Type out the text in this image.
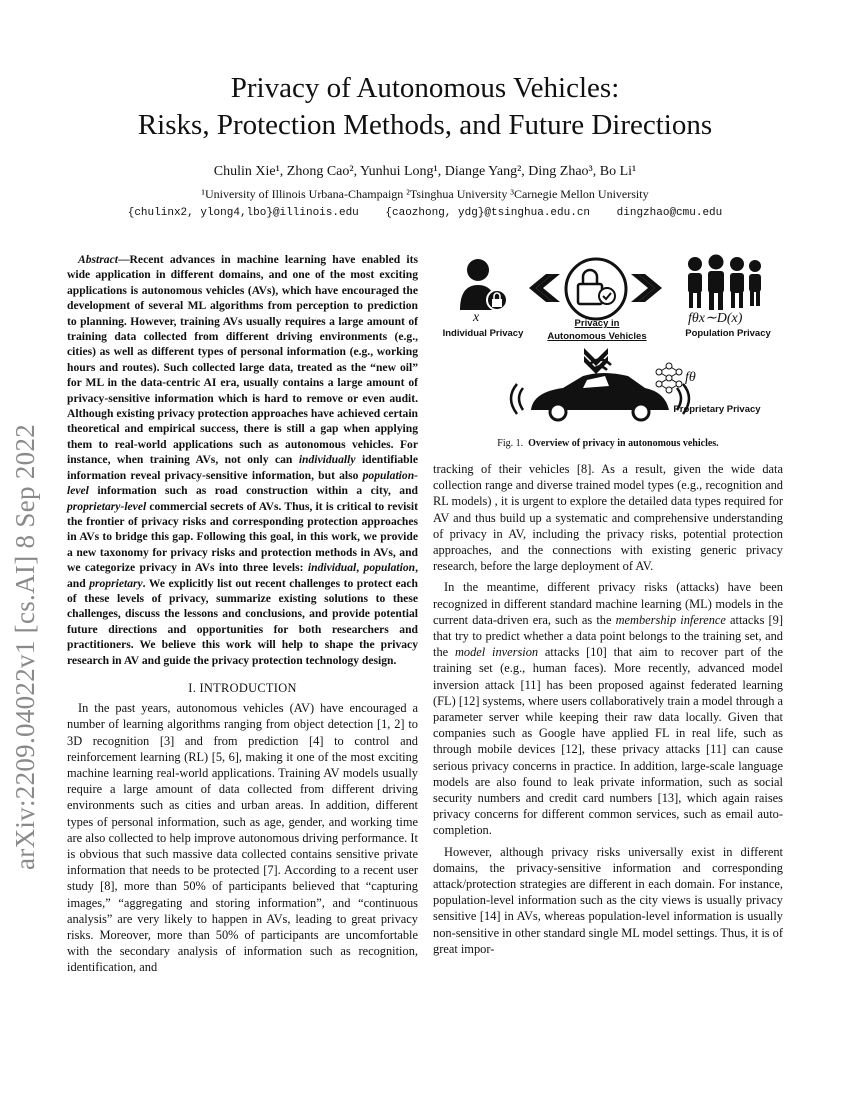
arXiv:2209.04022v1 [cs.AI] 8 Sep 2022
Privacy of Autonomous Vehicles:
Risks, Protection Methods, and Future Directions
Chulin Xie¹, Zhong Cao², Yunhui Long¹, Diange Yang², Ding Zhao³, Bo Li¹
¹University of Illinois Urbana-Champaign ²Tsinghua University ³Carnegie Mellon University
{chulinx2, ylong4,lbo}@illinois.edu {caozhong, ydg}@tsinghua.edu.cn dingzhao@cmu.edu

Abstract—Recent advances in machine learning have enabled its wide application in different domains, and one of the most exciting applications is autonomous vehicles (AVs), which have encouraged the development of several ML algorithms from perception to prediction to planning. However, training AVs usually requires a large amount of training data collected from different driving environments (e.g., cities) as well as different types of personal information (e.g., working hours and routes). Such collected large data, treated as the “new oil” for ML in the data-centric AI era, usually contains a large amount of privacy-sensitive information which is hard to remove or even audit. Although existing privacy protection approaches have achieved certain theoretical and empirical success, there is still a gap when applying them to real-world applications such as autonomous vehicles. For instance, when training AVs, not only can individually identifiable information reveal privacy-sensitive information, but also population-level information such as road construction within a city, and proprietary-level commercial secrets of AVs. Thus, it is critical to revisit the frontier of privacy risks and corresponding protection approaches in AVs to bridge this gap. Following this goal, in this work, we provide a new taxonomy for privacy risks and protection methods in AVs, and we categorize privacy in AVs into three levels: individual, population, and proprietary. We explicitly list out recent challenges to protect each of these levels of privacy, summarize existing solutions to these challenges, discuss the lessons and conclusions, and provide potential future directions and opportunities for both researchers and practitioners. We believe this work will help to shape the privacy research in AV and guide the privacy protection technology design.

I. INTRODUCTION

In the past years, autonomous vehicles (AV) have encouraged a number of learning algorithms ranging from object detection [1, 2] to 3D recognition [3] and from prediction [4] to control and reinforcement learning (RL) [5, 6], making it one of the most exciting machine learning real-world applications. Training AV models usually require a large amount of data collected from different driving environments such as cities and urban areas. In addition, different types of personal information, such as age, gender, and working time are also collected to help improve autonomous driving performance. It is obvious that such massive data collected contains sensitive private information that needs to be protected [7]. According to a recent user study [8], more than 50% of participants believed that “capturing images,” “aggregating and storing information”, and “continuous analysis” are very likely to happen in AVs, leading to great privacy risks. Moreover, more than 50% of participants are uncomfortable with the secondary analysis of information such as recognition, identification, and

x
Individual Privacy
Privacy in
Autonomous Vehicles
fθx∼D(x)
Population Privacy
fθ
Proprietary Privacy
Fig. 1. Overview of privacy in autonomous vehicles.

tracking of their vehicles [8]. As a result, given the wide data collection range and diverse trained model types (e.g., recognition and RL models) , it is urgent to explore the detailed data types required for AV and thus build up a systematic and comprehensive understanding of privacy in AV, including the privacy risks, potential protection approaches, and the connections with existing generic privacy research, before the large deployment of AV.

In the meantime, different privacy risks (attacks) have been recognized in different standard machine learning (ML) models in the current data-driven era, such as the membership inference attacks [9] that try to predict whether a data point belongs to the training set, and the model inversion attacks [10] that aim to recover part of the training set (e.g., human faces). More recently, advanced model inversion attack [11] has been proposed against federated learning (FL) [12] systems, where users collaboratively train a model through a parameter server while keeping their raw data locally. Given that companies such as Google have applied FL in real life, such as through mobile devices [12], these privacy attacks [11] can cause serious privacy concerns in practice. In addition, large-scale language models are also found to leak private information, such as social security numbers and credit card numbers [13], which again raises privacy concerns for different common services, such as email auto-completion.

However, although privacy risks universally exist in different domains, the privacy-sensitive information and corresponding attack/protection strategies are different in each domain. For instance, population-level information such as the city views is usually privacy sensitive [14] in AVs, whereas population-level information is usually non-sensitive in other standard single ML model settings. Thus, it is of great impor-
